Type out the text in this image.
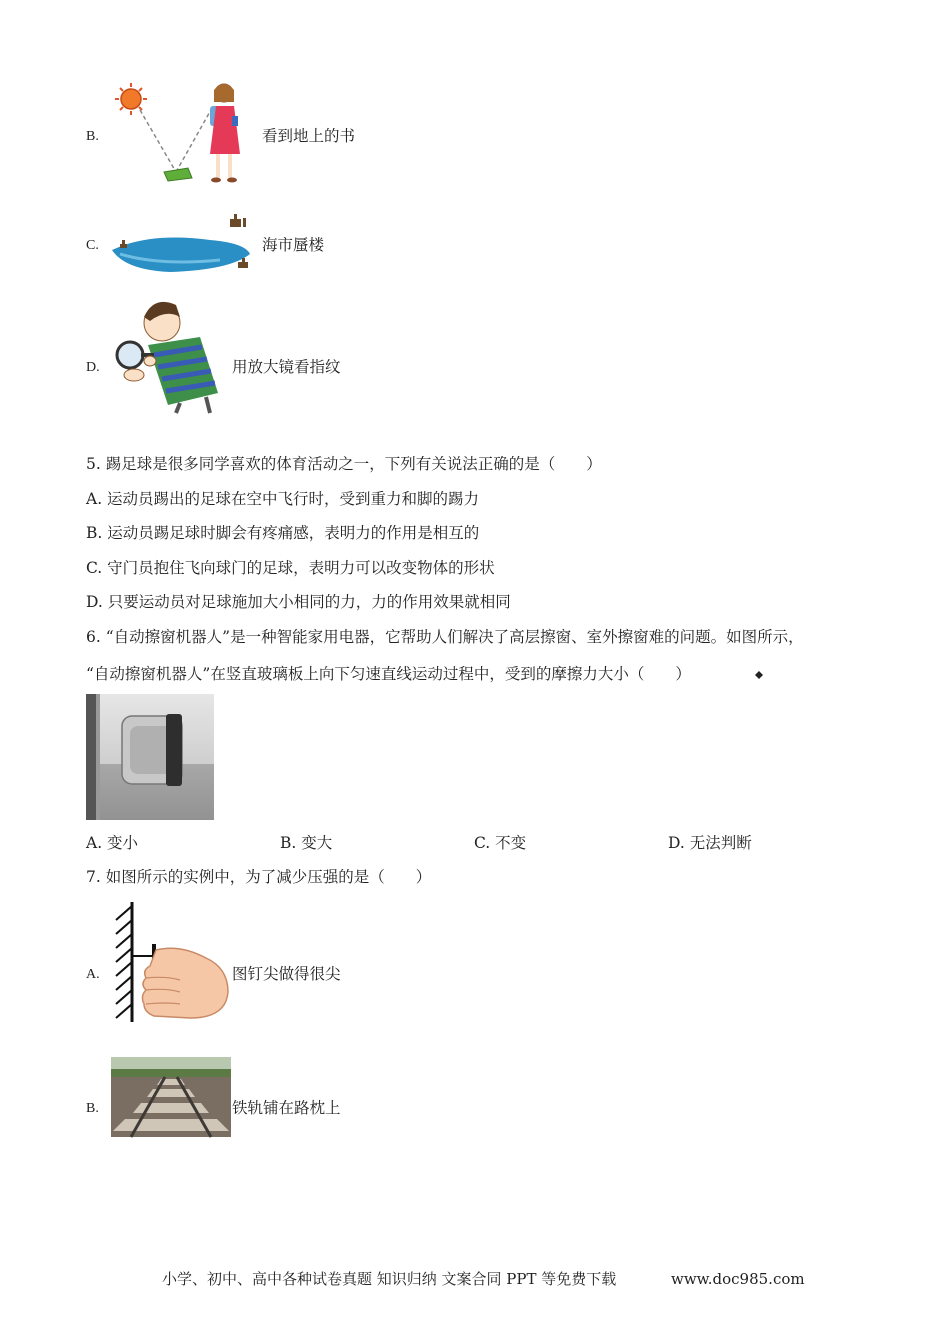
B.	看到地上的书
C.	海市蜃楼
D.	用放大镜看指纹
5. 踢足球是很多同学喜欢的体育活动之一，下列有关说法正确的是（　　）
A. 运动员踢出的足球在空中飞行时，受到重力和脚的踢力
B. 运动员踢足球时脚会有疼痛感，表明力的作用是相互的
C. 守门员抱住飞向球门的足球，表明力可以改变物体的形状
D. 只要运动员对足球施加大小相同的力，力的作用效果就相同
6. “自动擦窗机器人”是一种智能家用电器，它帮助人们解决了高层擦窗、室外擦窗难的问题。如图所示，
“自动擦窗机器人”在竖直玻璃板上向下匀速直线运动过程中，受到的摩擦力大小（　　）
A. 变小	B. 变大	C. 不变	D. 无法判断
7. 如图所示的实例中，为了减少压强的是（　　）
A.	图钉尖做得很尖
B.	铁轨铺在路枕上
小学、初中、高中各种试卷真题 知识归纳 文案合同 PPT 等免费下载	www.doc985.com
